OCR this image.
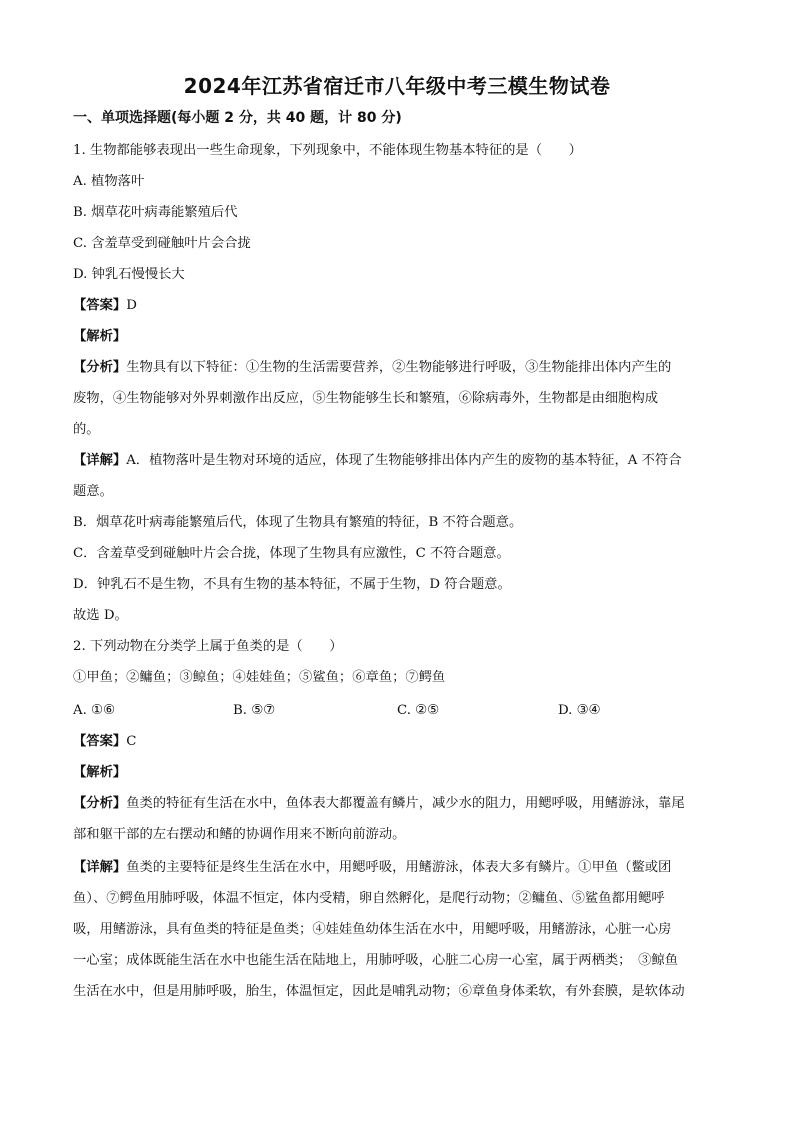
2024年江苏省宿迁市八年级中考三模生物试卷
一、单项选择题(每小题 2 分，共 40 题，计 80 分)
1. 生物都能够表现出一些生命现象，下列现象中，不能体现生物基本特征的是（　　）
A. 植物落叶
B. 烟草花叶病毒能繁殖后代
C. 含羞草受到碰触叶片会合拢
D. 钟乳石慢慢长大
【答案】D
【解析】
【分析】生物具有以下特征：①生物的生活需要营养，②生物能够进行呼吸，③生物能排出体内产生的
废物，④生物能够对外界刺激作出反应，⑤生物能够生长和繁殖，⑥除病毒外，生物都是由细胞构成
的。
【详解】A．植物落叶是生物对环境的适应，体现了生物能够排出体内产生的废物的基本特征，A 不符合
题意。
B．烟草花叶病毒能繁殖后代，体现了生物具有繁殖的特征，B 不符合题意。
C．含羞草受到碰触叶片会合拢，体现了生物具有应激性，C 不符合题意。
D．钟乳石不是生物，不具有生物的基本特征，不属于生物，D 符合题意。
故选 D。
2. 下列动物在分类学上属于鱼类的是（　　）
①甲鱼；②鳙鱼；③鲸鱼；④娃娃鱼；⑤鲨鱼；⑥章鱼；⑦鳄鱼
A. ①⑥	B. ⑤⑦	C. ②⑤	D. ③④
【答案】C
【解析】
【分析】鱼类的特征有生活在水中，鱼体表大都覆盖有鳞片，减少水的阻力，用鳃呼吸，用鳍游泳，靠尾
部和躯干部的左右摆动和鳍的协调作用来不断向前游动。
【详解】鱼类的主要特征是终生生活在水中，用鳃呼吸，用鳍游泳，体表大多有鳞片。①甲鱼（鳖或团
鱼）、⑦鳄鱼用肺呼吸，体温不恒定，体内受精，卵自然孵化，是爬行动物；②鳙鱼、⑤鲨鱼都用鳃呼
吸，用鳍游泳，具有鱼类的特征是鱼类；④娃娃鱼幼体生活在水中，用鳃呼吸，用鳍游泳，心脏一心房
一心室；成体既能生活在水中也能生活在陆地上，用肺呼吸，心脏二心房一心室，属于两栖类；　③鲸鱼
生活在水中，但是用肺呼吸，胎生，体温恒定，因此是哺乳动物；⑥章鱼身体柔软，有外套膜，是软体动
